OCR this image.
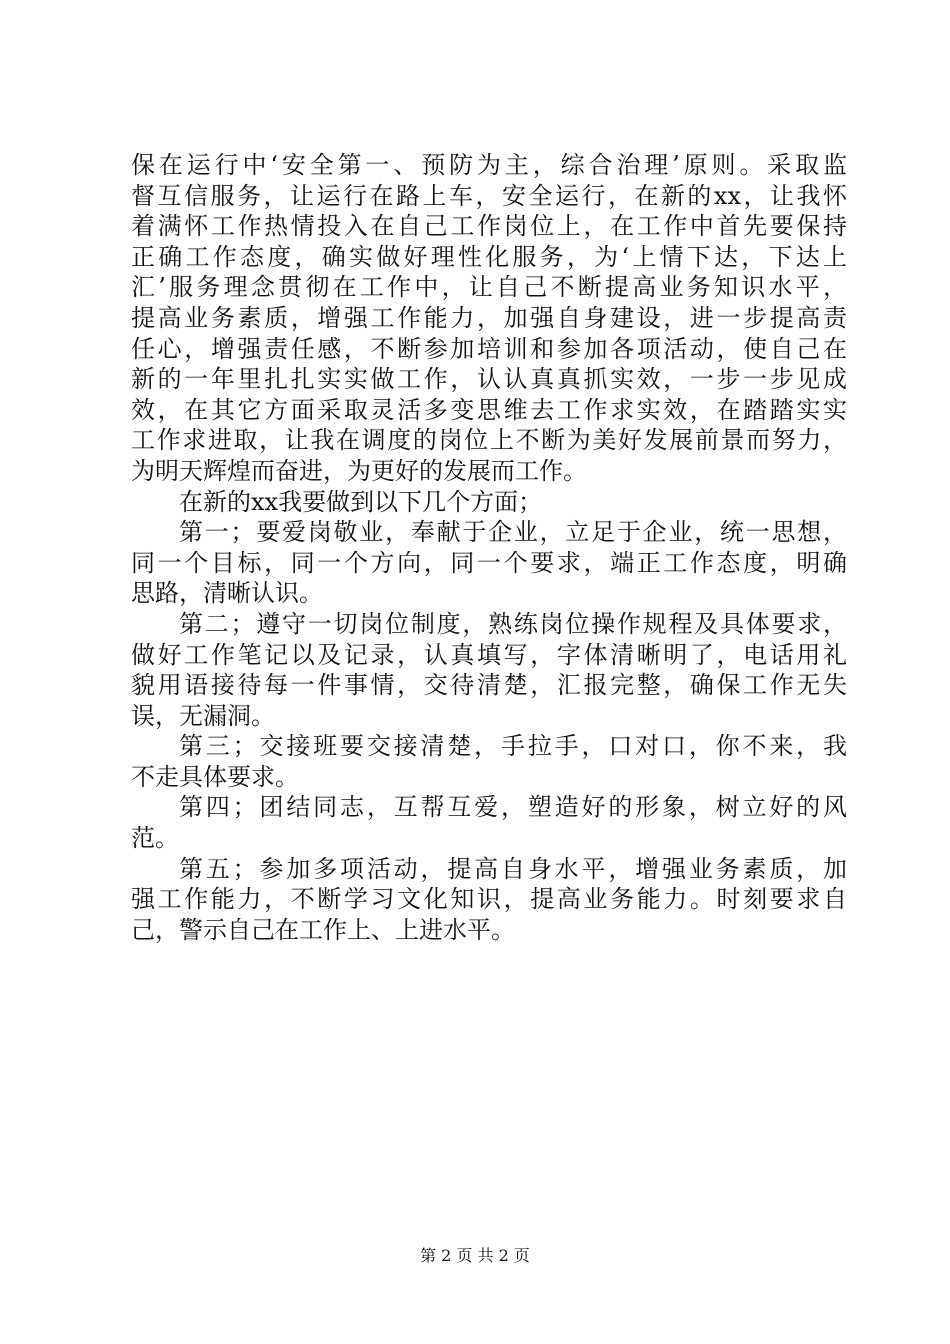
保在运行中‘安全第一、预防为主，综合治理’原则。采取监
督互信服务，让运行在路上车，安全运行，在新的xx，让我怀
着满怀工作热情投入在自己工作岗位上，在工作中首先要保持
正确工作态度，确实做好理性化服务，为‘上情下达，下达上
汇’服务理念贯彻在工作中，让自己不断提高业务知识水平，
提高业务素质，增强工作能力，加强自身建设，进一步提高责
任心，增强责任感，不断参加培训和参加各项活动，使自己在
新的一年里扎扎实实做工作，认认真真抓实效，一步一步见成
效，在其它方面采取灵活多变思维去工作求实效，在踏踏实实
工作求进取，让我在调度的岗位上不断为美好发展前景而努力，
为明天辉煌而奋进，为更好的发展而工作。
在新的xx我要做到以下几个方面；
第一；要爱岗敬业，奉献于企业，立足于企业，统一思想，
同一个目标，同一个方向，同一个要求，端正工作态度，明确
思路，清晰认识。
第二；遵守一切岗位制度，熟练岗位操作规程及具体要求，
做好工作笔记以及记录，认真填写，字体清晰明了，电话用礼
貌用语接待每一件事情，交待清楚，汇报完整，确保工作无失
误，无漏洞。
第三；交接班要交接清楚，手拉手，口对口，你不来，我
不走具体要求。
第四；团结同志，互帮互爱，塑造好的形象，树立好的风
范。
第五；参加多项活动，提高自身水平，增强业务素质，加
强工作能力，不断学习文化知识，提高业务能力。时刻要求自
己，警示自己在工作上、上进水平。
第 2 页 共 2 页
